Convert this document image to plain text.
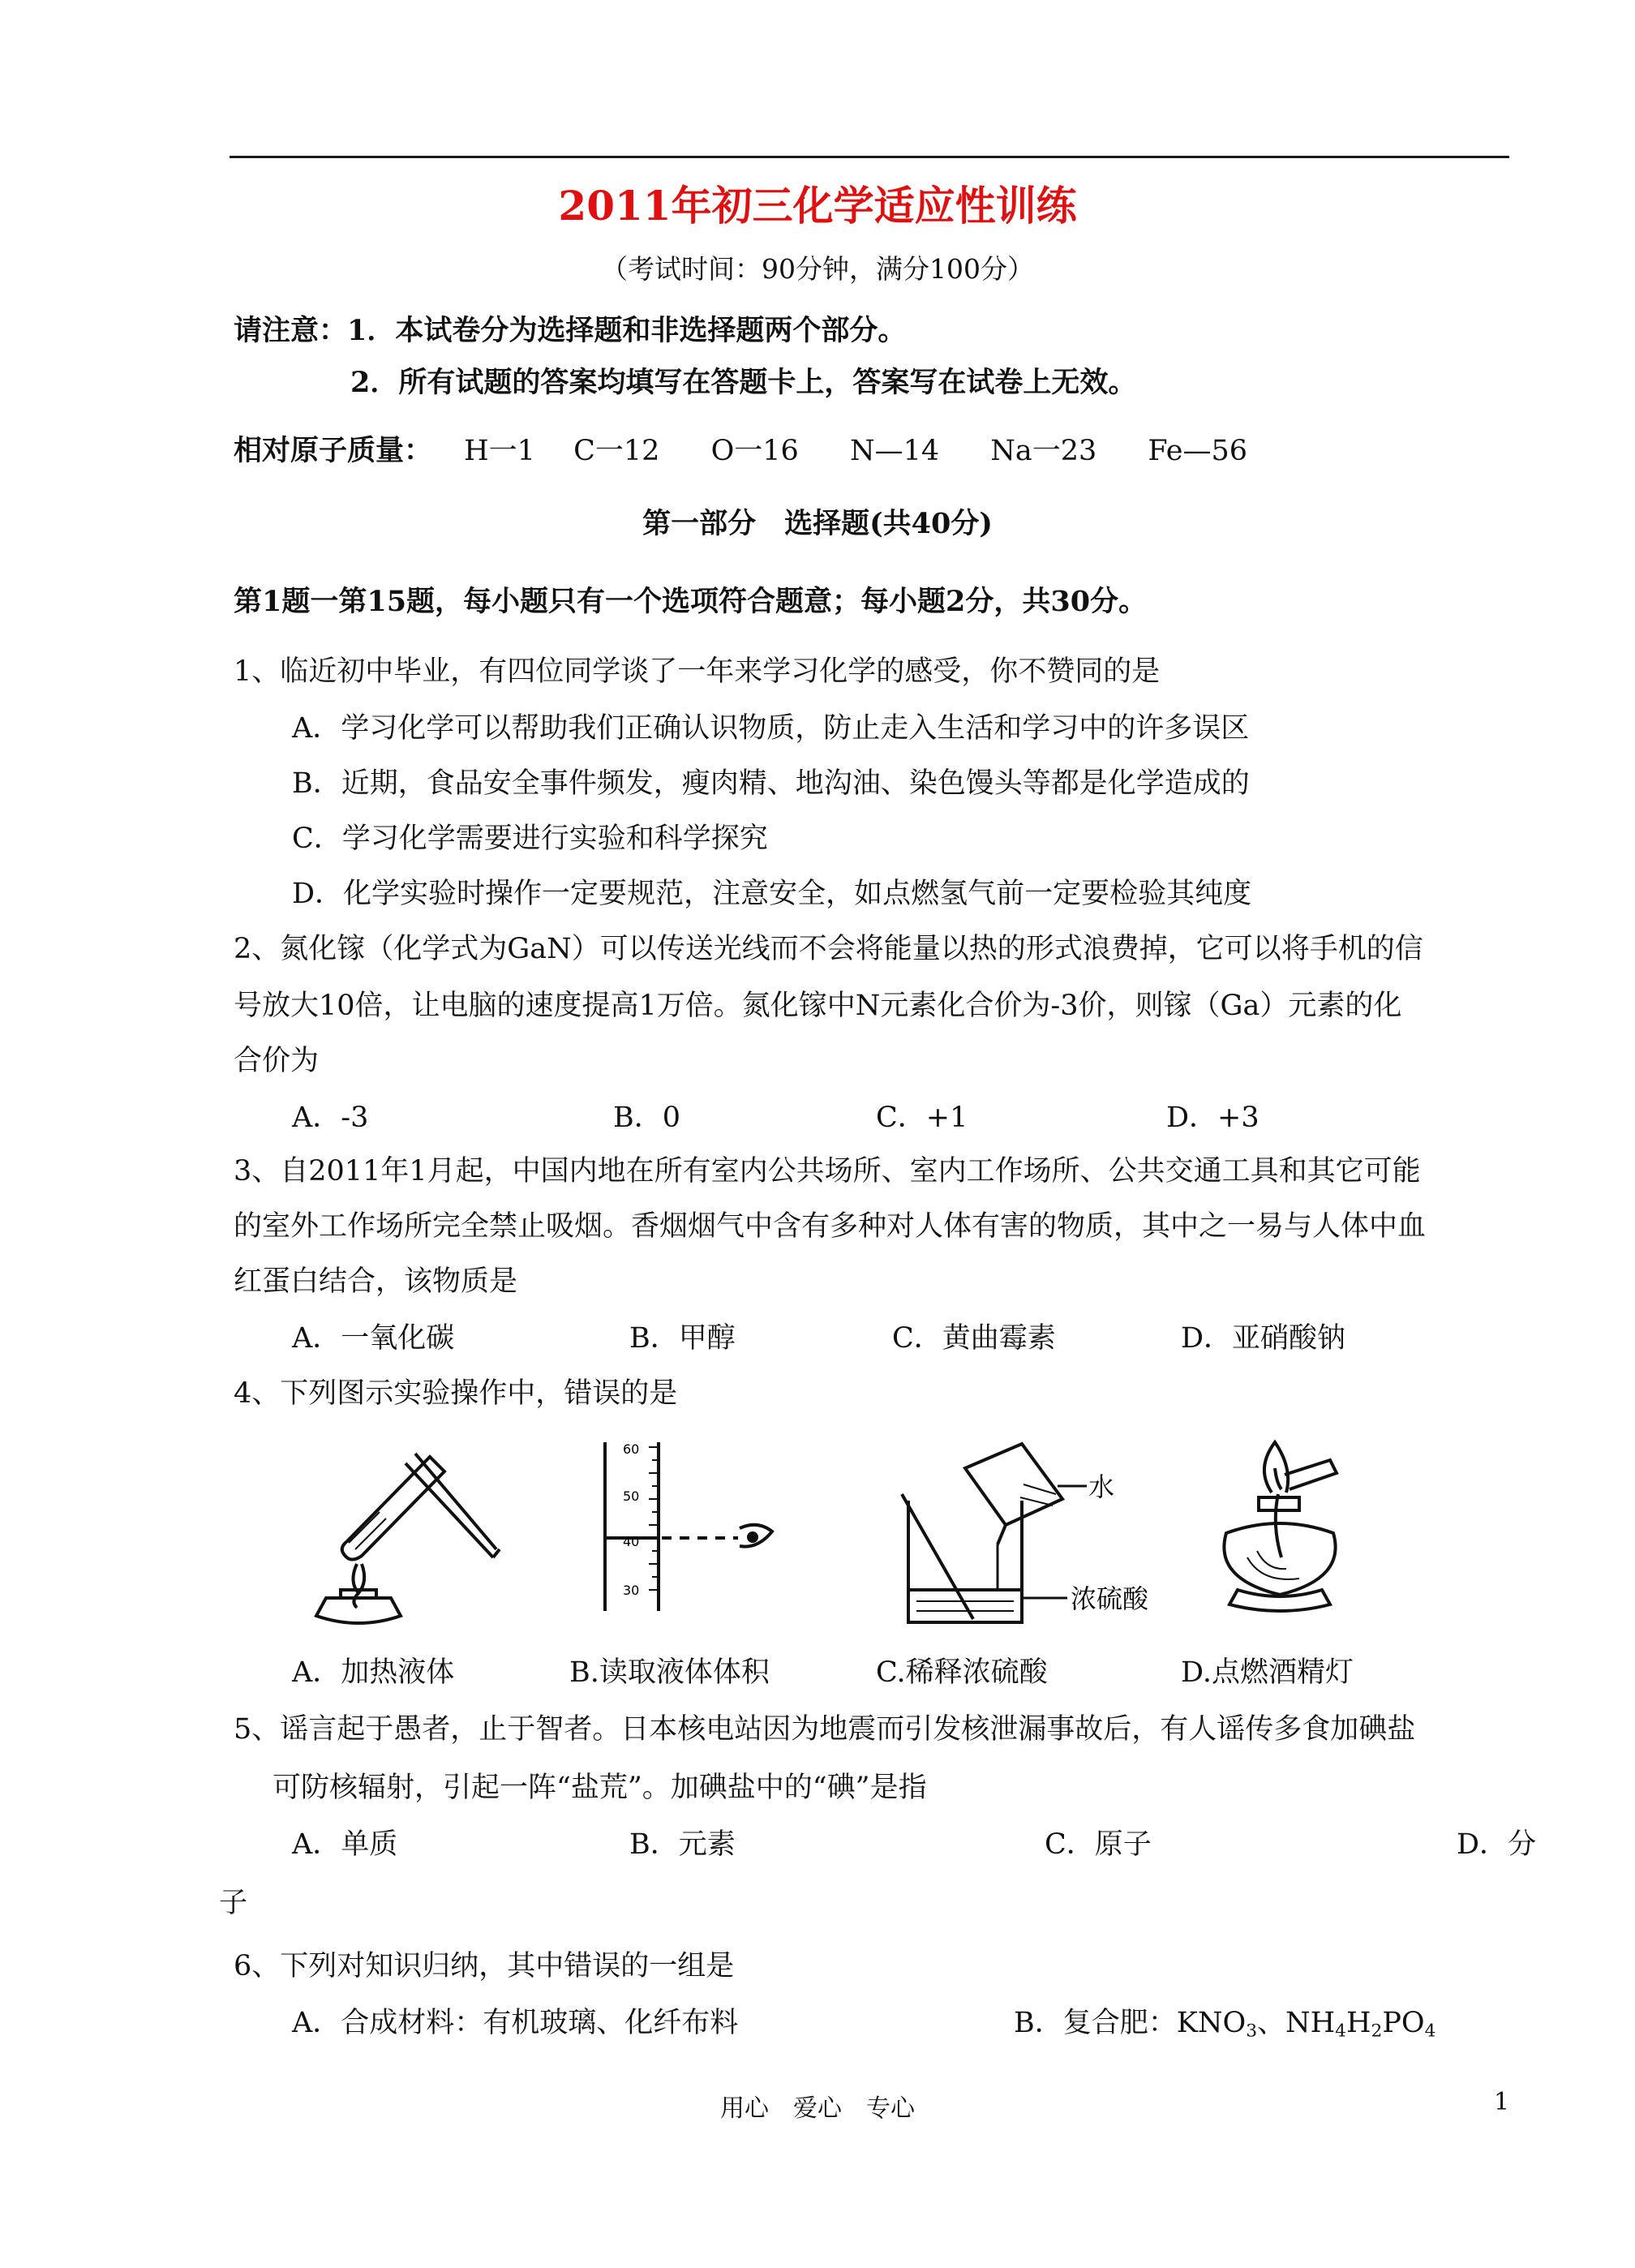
2011年初三化学适应性训练
（考试时间：90分钟，满分100分）
请注意：1．本试卷分为选择题和非选择题两个部分。
2．所有试题的答案均填写在答题卡上，答案写在试卷上无效。
相对原子质量： H一1 C一12 O一16 N—14 Na一23 Fe—56
第一部分　选择题(共40分)
第1题一第15题，每小题只有一个选项符合题意；每小题2分，共30分。
1、临近初中毕业，有四位同学谈了一年来学习化学的感受，你不赞同的是
A．学习化学可以帮助我们正确认识物质，防止走入生活和学习中的许多误区
B．近期，食品安全事件频发，瘦肉精、地沟油、染色馒头等都是化学造成的
C．学习化学需要进行实验和科学探究
D．化学实验时操作一定要规范，注意安全，如点燃氢气前一定要检验其纯度
2、氮化镓（化学式为GaN）可以传送光线而不会将能量以热的形式浪费掉，它可以将手机的信
号放大10倍，让电脑的速度提高1万倍。氮化镓中N元素化合价为-3价，则镓（Ga）元素的化
合价为
A．-3	B．0	C．+1	D．+3
3、自2011年1月起，中国内地在所有室内公共场所、室内工作场所、公共交通工具和其它可能
的室外工作场所完全禁止吸烟。香烟烟气中含有多种对人体有害的物质，其中之一易与人体中血
红蛋白结合，该物质是
A．一氧化碳	B．甲醇	C．黄曲霉素	D．亚硝酸钠
4、下列图示实验操作中，错误的是
60
50
40
30
水
浓硫酸
A．加热液体	B.读取液体体积	C.稀释浓硫酸	D.点燃酒精灯
5、谣言起于愚者，止于智者。日本核电站因为地震而引发核泄漏事故后，有人谣传多食加碘盐
可防核辐射，引起一阵“盐荒”。加碘盐中的“碘”是指
A．单质	B．元素	C．原子	D．分
子
6、下列对知识归纳，其中错误的一组是
A．合成材料：有机玻璃、化纤布料	B．复合肥：$KNO_3$、$NH_4H_2PO_4$
用心　爱心　专心	1
